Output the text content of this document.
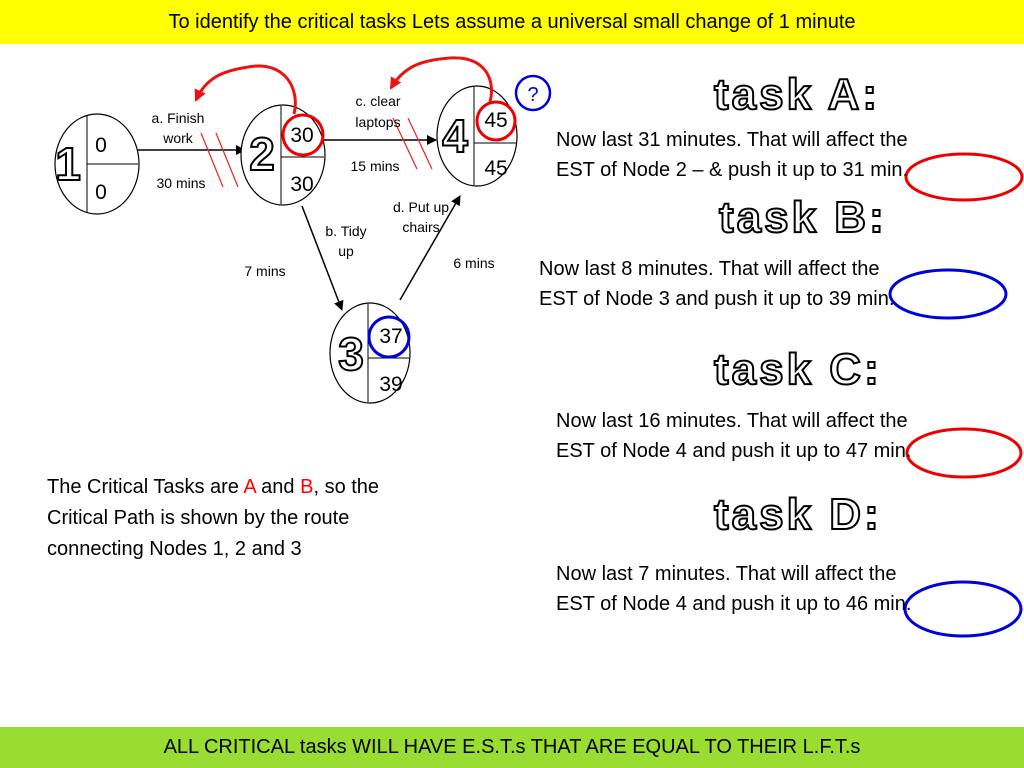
To identify the critical tasks Lets assume a universal small change of 1 minute
1 0
0
2 30
30
3 37
39
4 45
45
?
a. Finish
work
30 mins
c. clear
laptops
15 mins
b. Tidy
up
7 mins
d. Put up
chairs
6 mins
task A:
task B:
task C:
task D:
Now last 31 minutes. That will affect the
EST of Node 2 – & push it up to 31 min.
Now last 8 minutes. That will affect the
EST of Node 3 and push it up to 39 min.
Now last 16 minutes. That will affect the
EST of Node 4 and push it up to 47 min.
Now last 7 minutes. That will affect the
EST of Node 4 and push it up to 46 min.
The Critical Tasks are A and B, so the Critical Path is shown by the route connecting Nodes 1, 2 and 3
ALL CRITICAL tasks WILL HAVE E.S.T.s THAT ARE EQUAL TO THEIR L.F.T.s
